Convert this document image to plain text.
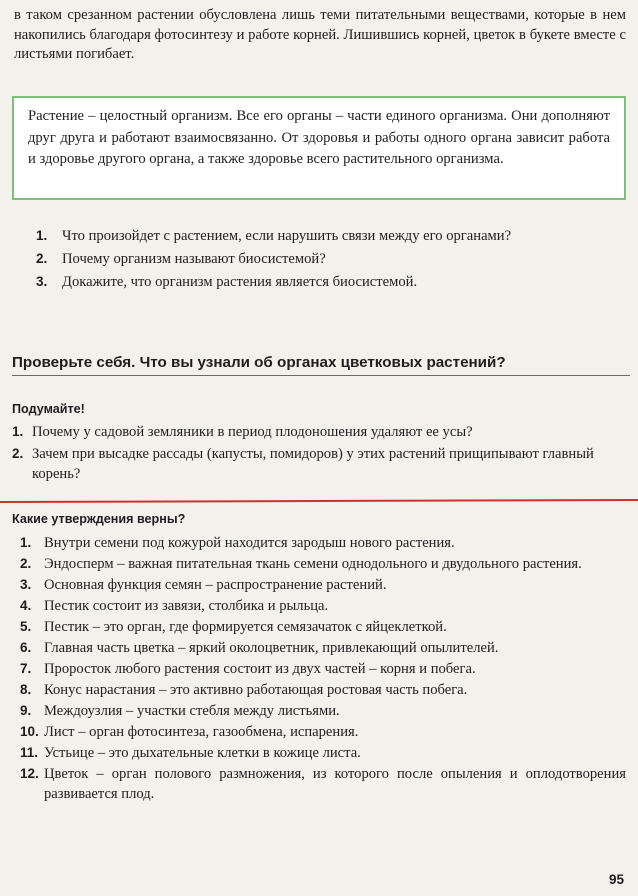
в таком срезанном растении обусловлена лишь теми питательными веществами, которые в нем накопились благодаря фотосинтезу и работе корней. Лишившись корней, цветок в букете вместе с листьями погибает.

Растение – целостный организм. Все его органы – части единого организма. Они дополняют друг друга и работают взаимосвязанно. От здоровья и работы одного органа зависит работа и здоровье другого органа, а также здоровье всего растительного организма.

1. Что произойдет с растением, если нарушить связи между его органами?
2. Почему организм называют биосистемой?
3. Докажите, что организм растения является биосистемой.
Проверьте себя. Что вы узнали об органах цветковых растений?
Подумайте!
1. Почему у садовой земляники в период плодоношения удаляют ее усы?
2. Зачем при высадке рассады (капусты, помидоров) у этих растений прищипывают главный корень?
Какие утверждения верны?
1. Внутри семени под кожурой находится зародыш нового растения.
2. Эндосперм – важная питательная ткань семени однодольного и двудольного растения.
3. Основная функция семян – распространение растений.
4. Пестик состоит из завязи, столбика и рыльца.
5. Пестик – это орган, где формируется семязачаток с яйцеклеткой.
6. Главная часть цветка – яркий околоцветник, привлекающий опылителей.
7. Проросток любого растения состоит из двух частей – корня и побега.
8. Конус нарастания – это активно работающая ростовая часть побега.
9. Междоузлия – участки стебля между листьями.
10. Лист – орган фотосинтеза, газообмена, испарения.
11. Устьице – это дыхательные клетки в кожице листа.
12. Цветок – орган полового размножения, из которого после опыления и оплодотворения развивается плод.
95
